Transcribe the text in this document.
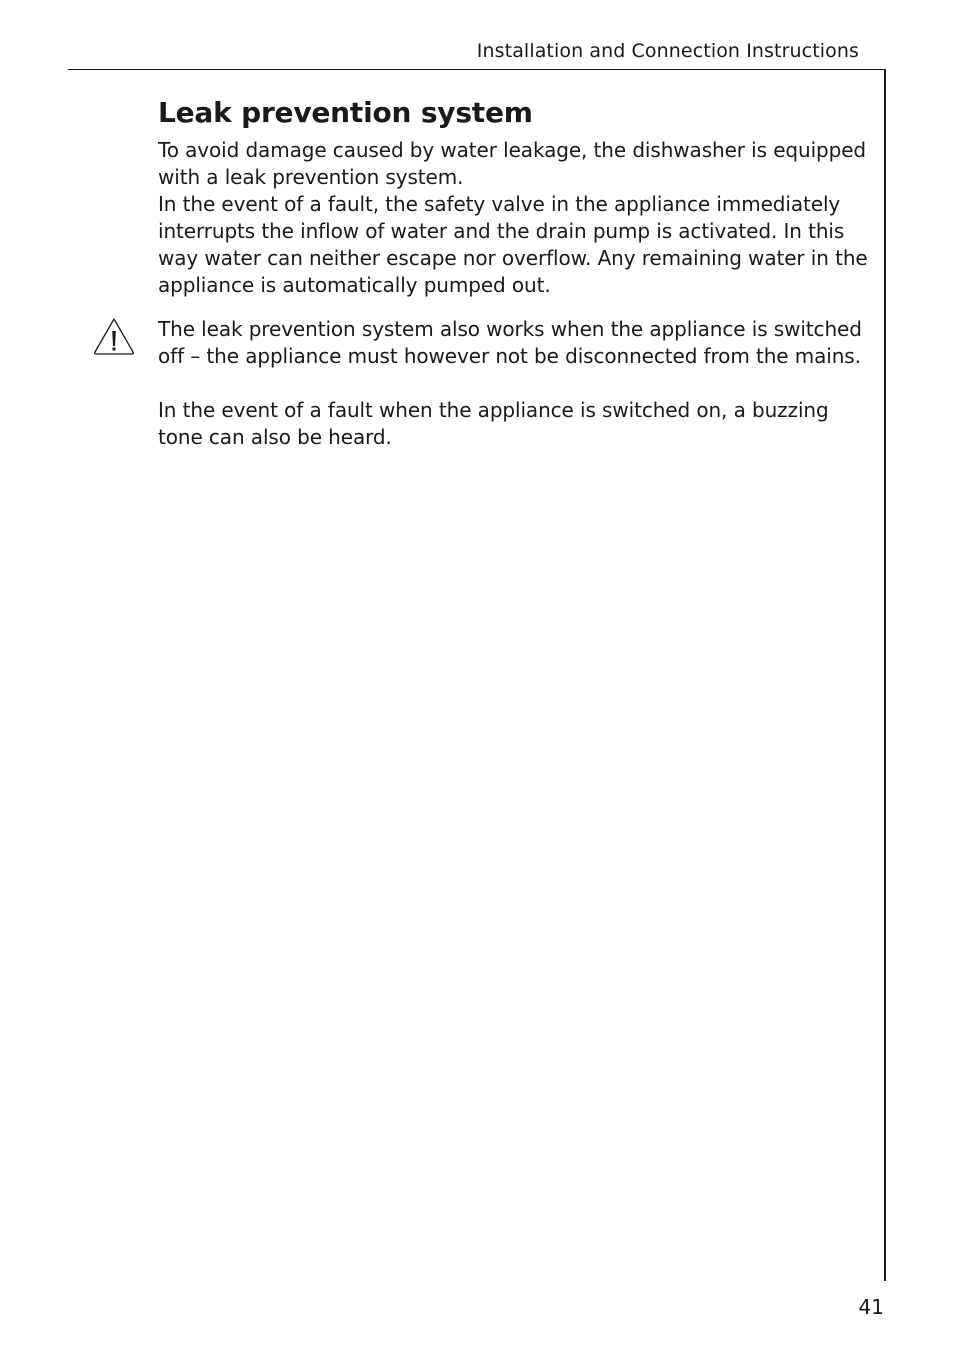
Installation and Connection Instructions
Leak prevention system

To avoid damage caused by water leakage, the dishwasher is equipped with a leak prevention system.

In the event of a fault, the safety valve in the appliance immediately interrupts the inflow of water and the drain pump is activated. In this way water can neither escape nor overflow. Any remaining water in the appliance is automatically pumped out.

The leak prevention system also works when the appliance is switched off – the appliance must however not be disconnected from the mains.

In the event of a fault when the appliance is switched on, a buzzing tone can also be heard.

41
